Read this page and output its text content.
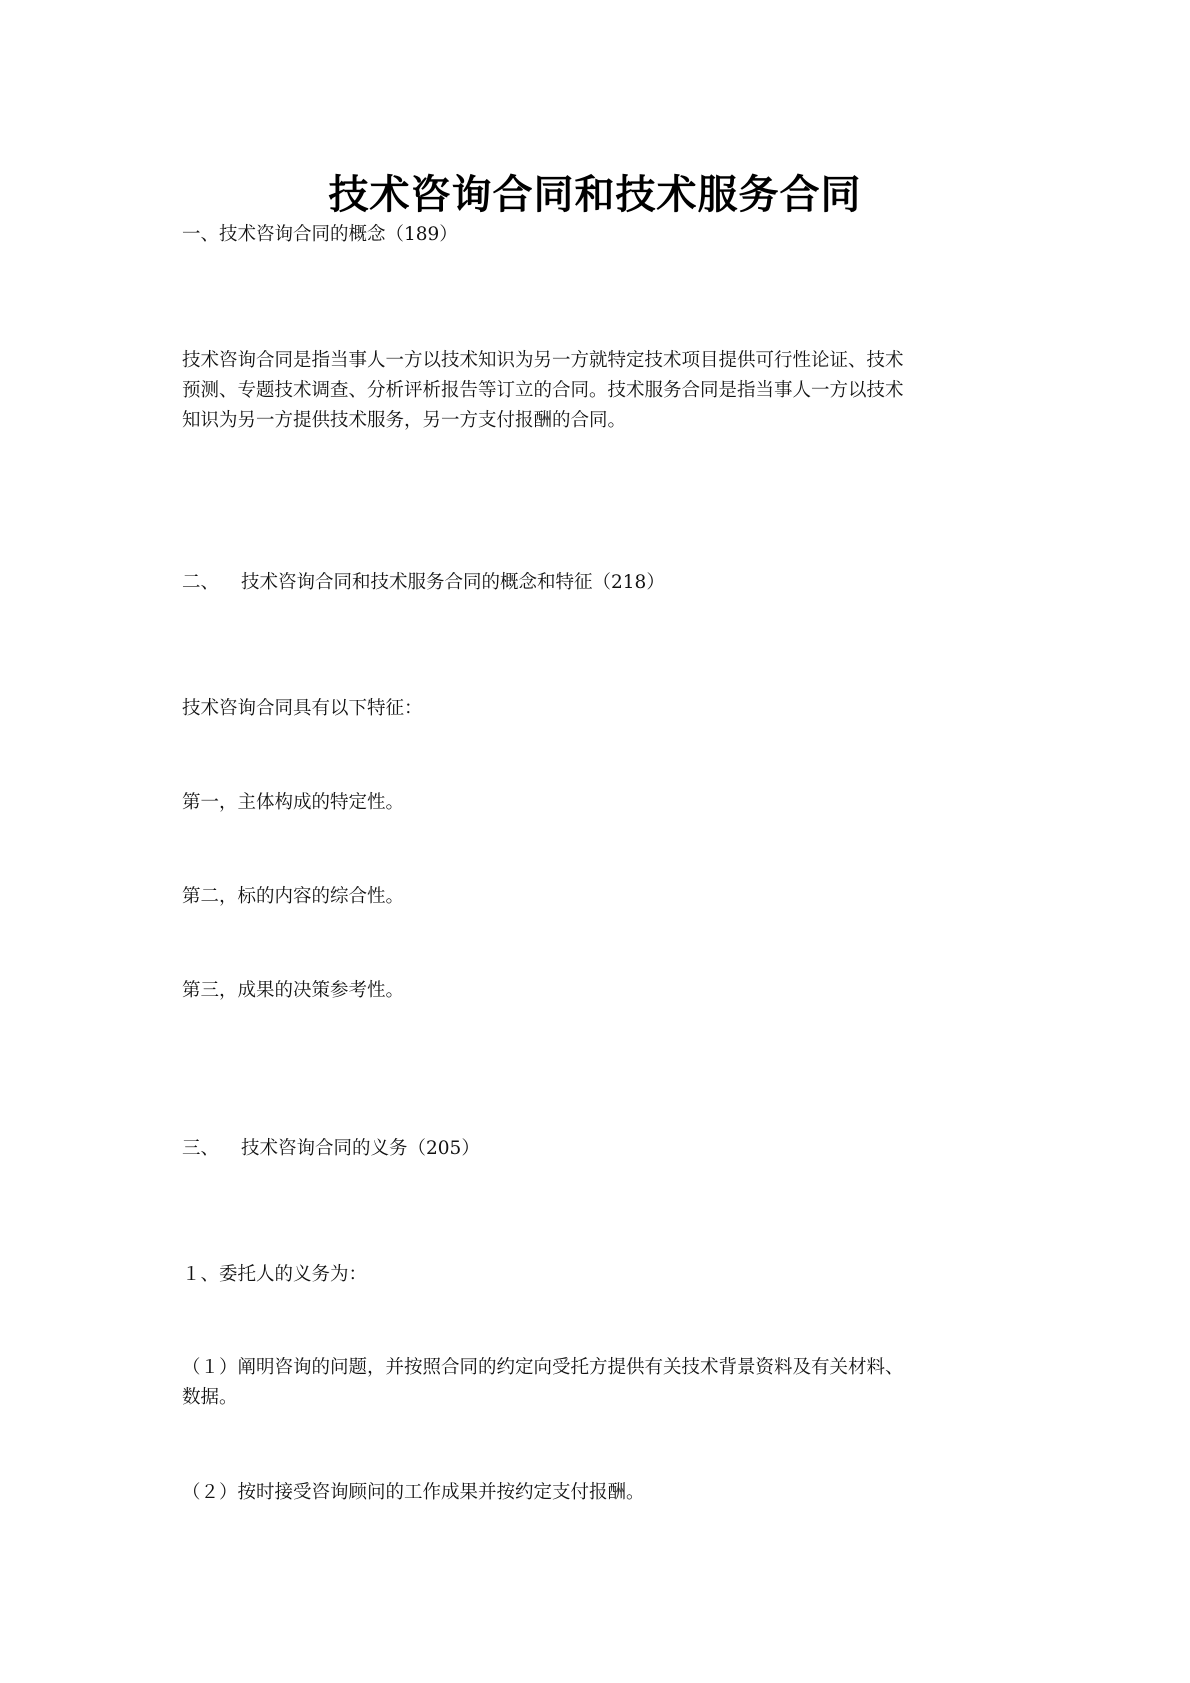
技术咨询合同和技术服务合同
一、技术咨询合同的概念（189）
技术咨询合同是指当事人一方以技术知识为另一方就特定技术项目提供可行性论证、技术
预测、专题技术调查、分析评析报告等订立的合同。技术服务合同是指当事人一方以技术
知识为另一方提供技术服务，另一方支付报酬的合同。
二、 技术咨询合同和技术服务合同的概念和特征（218）
技术咨询合同具有以下特征：
第一，主体构成的特定性。
第二，标的内容的综合性。
第三，成果的决策参考性。
三、 技术咨询合同的义务（205）
１、委托人的义务为：
（１）阐明咨询的问题，并按照合同的约定向受托方提供有关技术背景资料及有关材料、
数据。
（２）按时接受咨询顾问的工作成果并按约定支付报酬。
